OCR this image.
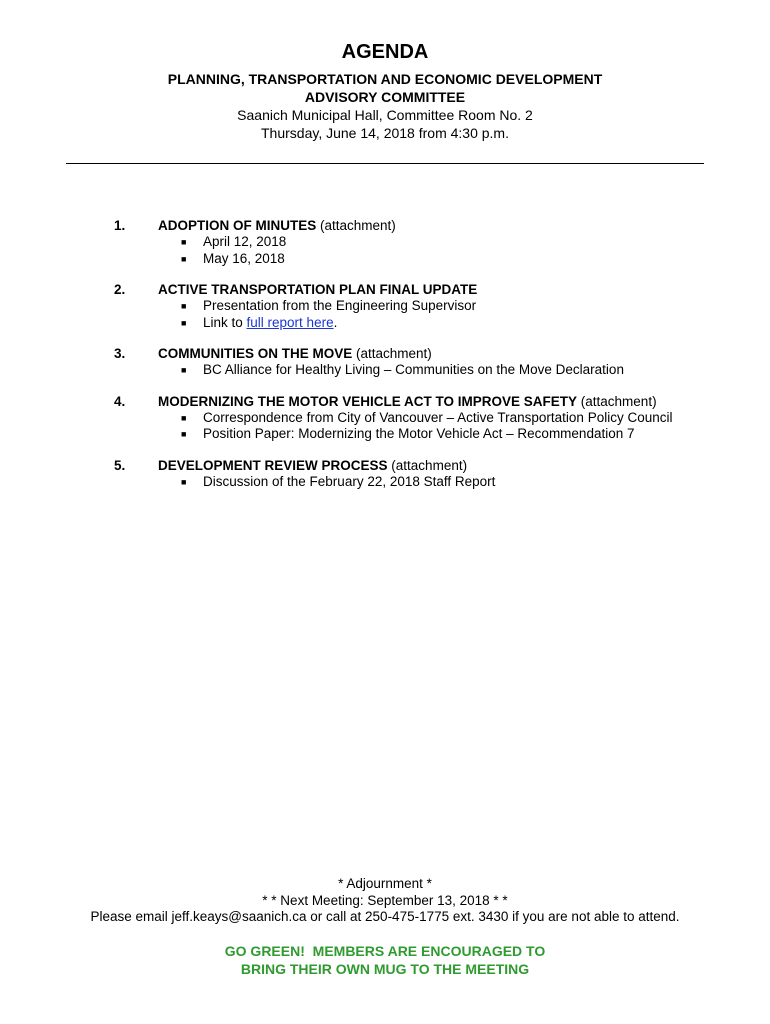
AGENDA
PLANNING, TRANSPORTATION AND ECONOMIC DEVELOPMENT
ADVISORY COMMITTEE
Saanich Municipal Hall, Committee Room No. 2
Thursday, June 14, 2018 from 4:30 p.m.
1. ADOPTION OF MINUTES (attachment)
■ April 12, 2018
■ May 16, 2018
2. ACTIVE TRANSPORTATION PLAN FINAL UPDATE
■ Presentation from the Engineering Supervisor
■ Link to full report here.
3. COMMUNITIES ON THE MOVE (attachment)
■ BC Alliance for Healthy Living – Communities on the Move Declaration
4. MODERNIZING THE MOTOR VEHICLE ACT TO IMPROVE SAFETY (attachment)
■ Correspondence from City of Vancouver – Active Transportation Policy Council
■ Position Paper: Modernizing the Motor Vehicle Act – Recommendation 7
5. DEVELOPMENT REVIEW PROCESS (attachment)
■ Discussion of the February 22, 2018 Staff Report
* Adjournment *
* * Next Meeting: September 13, 2018 * *
Please email jeff.keays@saanich.ca or call at 250-475-1775 ext. 3430 if you are not able to attend.
GO GREEN!  MEMBERS ARE ENCOURAGED TO
BRING THEIR OWN MUG TO THE MEETING
